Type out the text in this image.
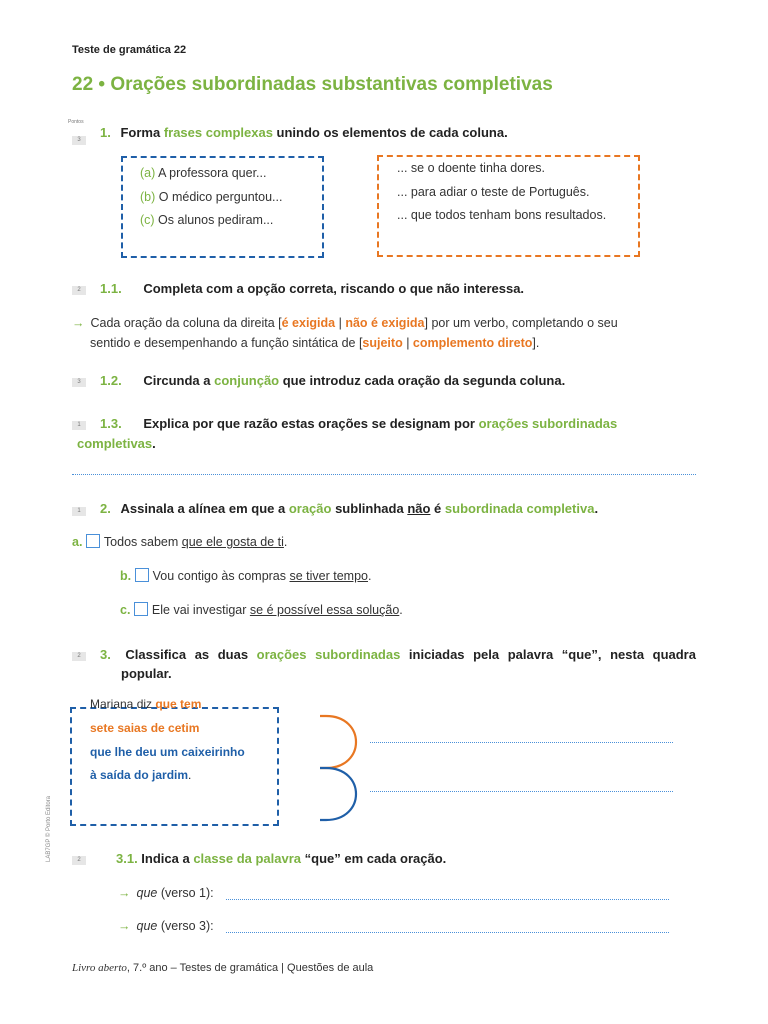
Teste de gramática 22
22 • Orações subordinadas substantivas completivas
Pontos
3	1. Forma frases complexas unindo os elementos de cada coluna.
(a) A professora quer...
(b) O médico perguntou...
(c) Os alunos pediram...
... se o doente tinha dores.
... para adiar o teste de Português.
... que todos tenham bons resultados.
2	1.1. Completa com a opção correta, riscando o que não interessa.
→ Cada oração da coluna da direita [é exigida | não é exigida] por um verbo, completando o seu
sentido e desempenhando a função sintática de [sujeito | complemento direto].
3	1.2. Circunda a conjunção que introduz cada oração da segunda coluna.
1	1.3. Explica por que razão estas orações se designam por orações subordinadas
completivas.
1	2. Assinala a alínea em que a oração sublinhada não é subordinada completiva.
a. Todos sabem que ele gosta de ti.
b. Vou contigo às compras se tiver tempo.
c. Ele vai investigar se é possível essa solução.
2	3. Classifica as duas orações subordinadas iniciadas pela palavra “que”, nesta quadra
popular.
Mariana diz que tem
sete saias de cetim
que lhe deu um caixeirinho
à saída do jardim.
2	3.1. Indica a classe da palavra “que” em cada oração.
→ que (verso 1):
→ que (verso 3):
LAB7GP © Porto Editora
Livro aberto, 7.º ano – Testes de gramática | Questões de aula
